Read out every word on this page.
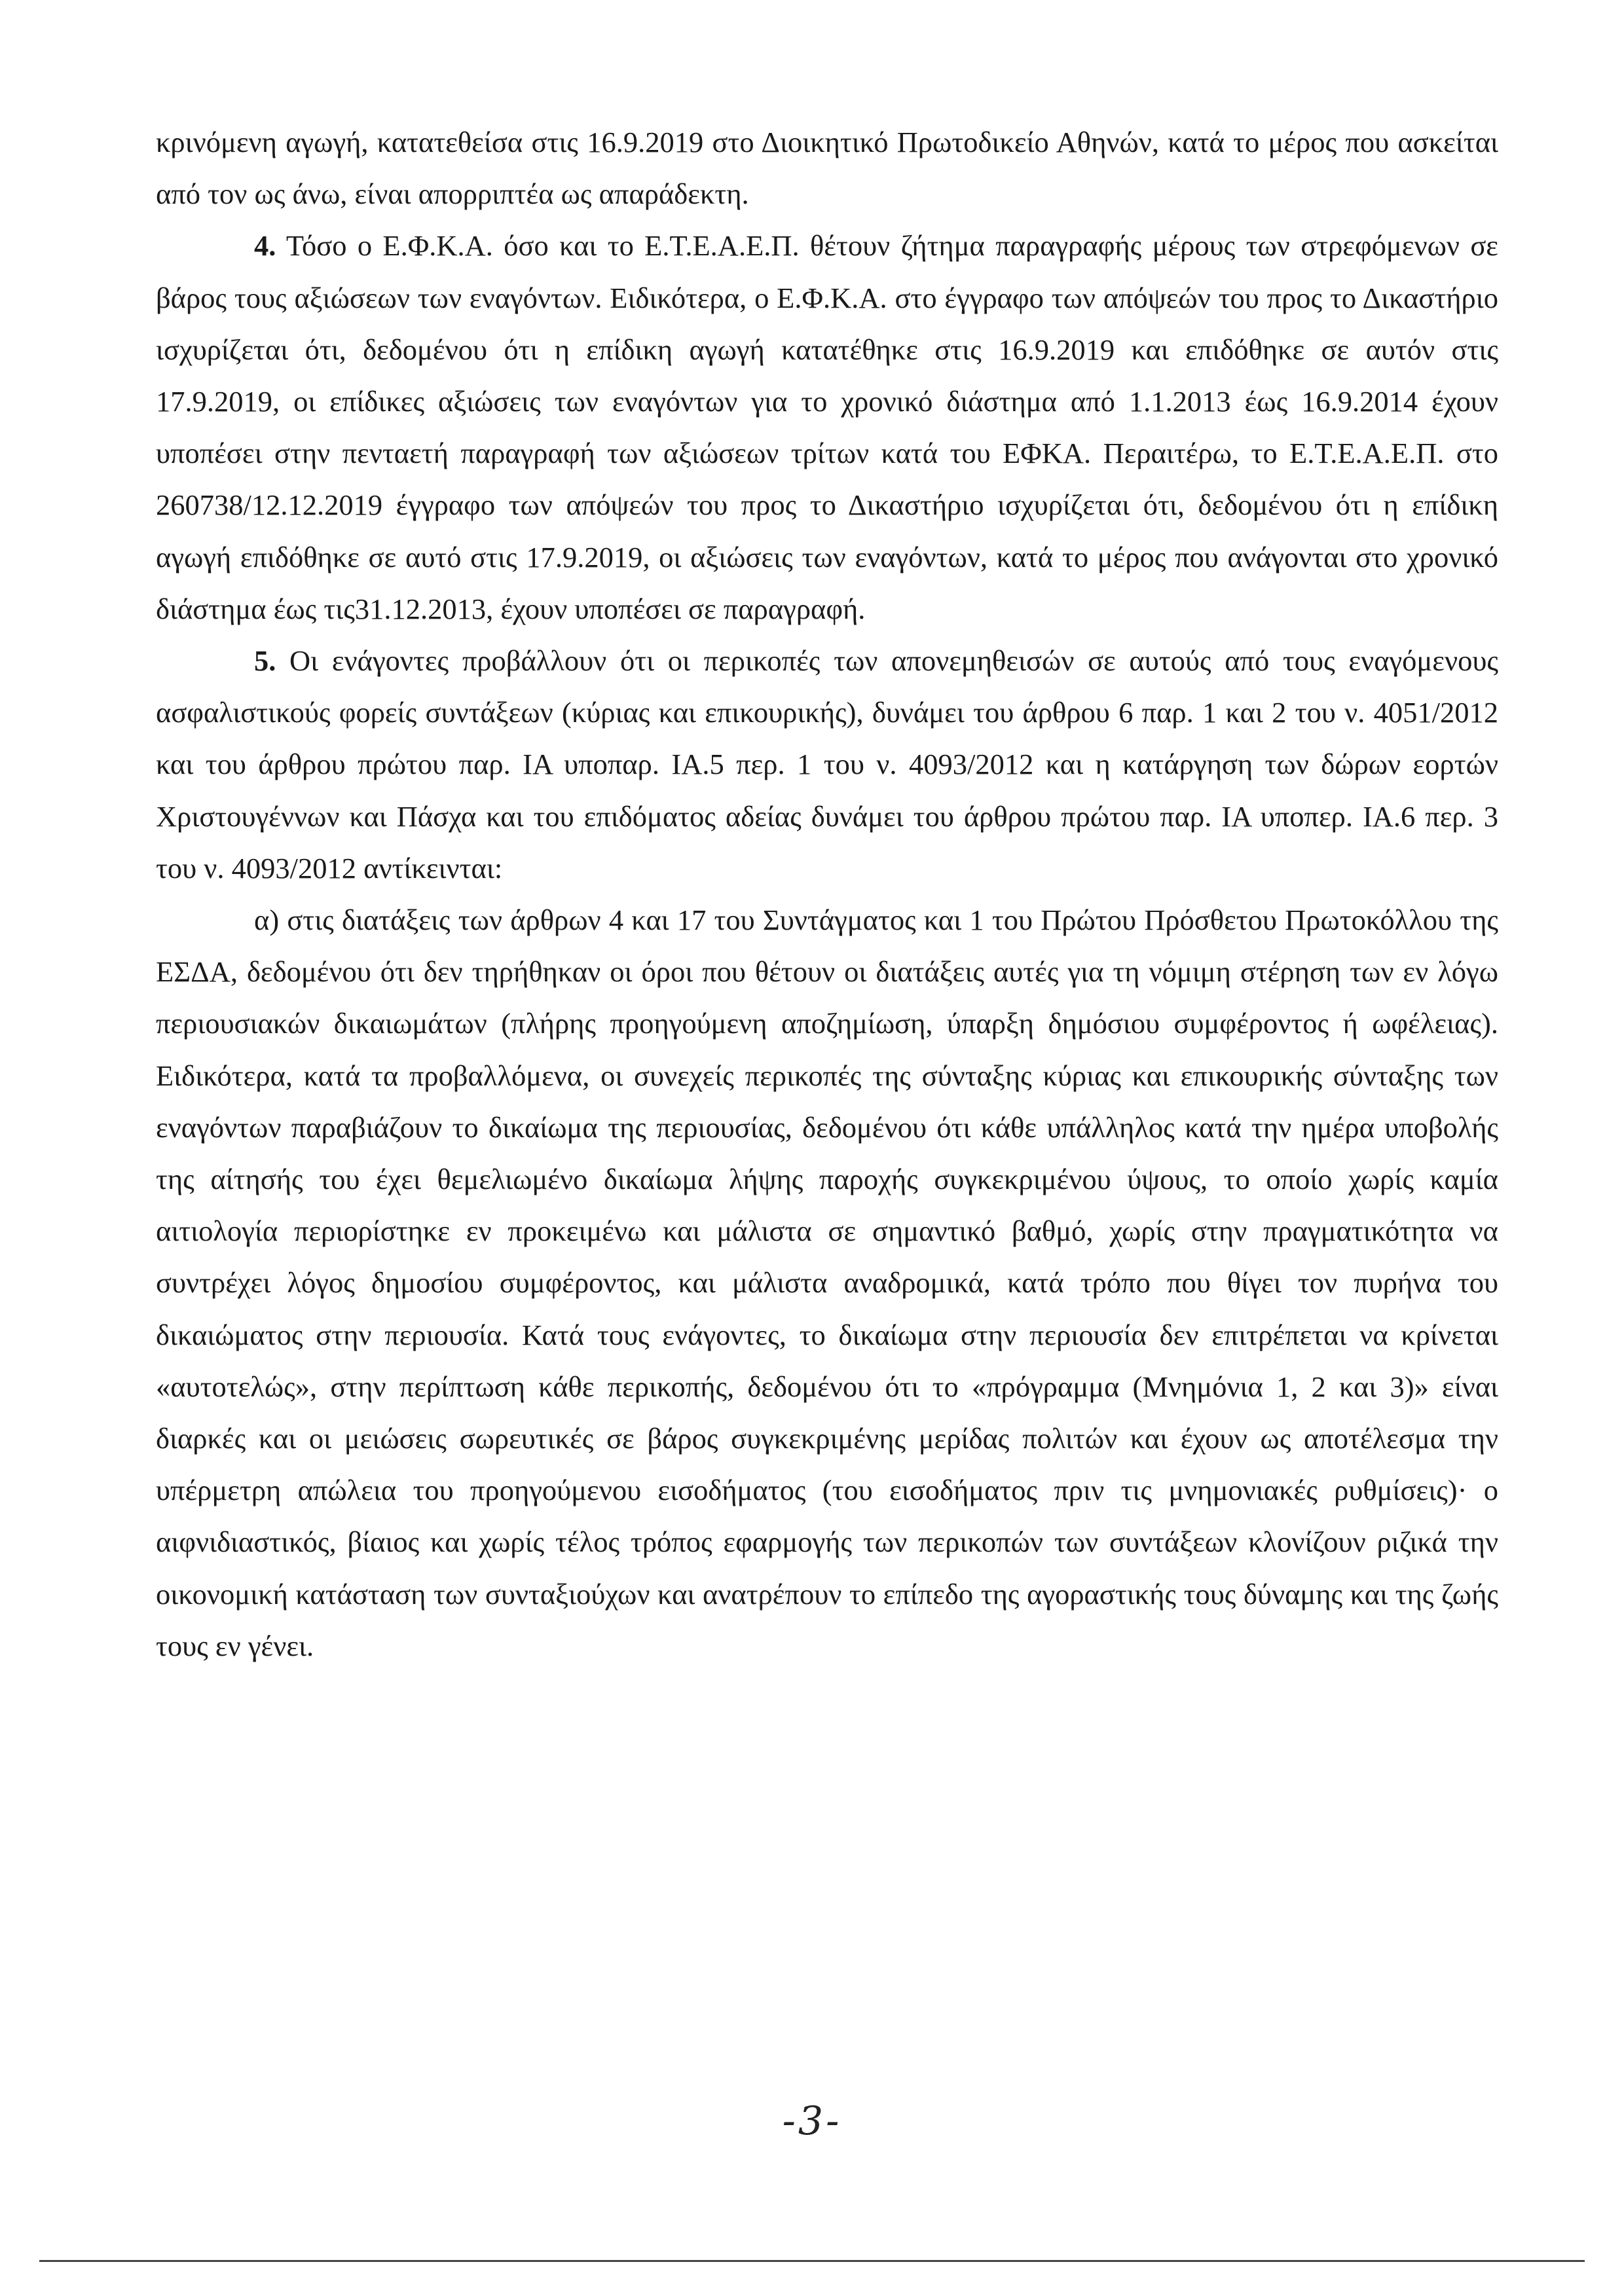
κρινόμενη αγωγή, κατατεθείσα στις 16.9.2019 στο Διοικητικό Πρωτοδικείο Αθηνών, κατά το μέρος που ασκείται από τον ως άνω, είναι απορριπτέα ως απαράδεκτη.

4. Τόσο ο Ε.Φ.Κ.Α. όσο και το Ε.Τ.Ε.Α.Ε.Π. θέτουν ζήτημα παραγραφής μέρους των στρεφόμενων σε βάρος τους αξιώσεων των εναγόντων. Ειδικότερα, ο Ε.Φ.Κ.Α. στο έγγραφο των απόψεών του προς το Δικαστήριο ισχυρίζεται ότι, δεδομένου ότι η επίδικη αγωγή κατατέθηκε στις 16.9.2019 και επιδόθηκε σε αυτόν στις 17.9.2019, οι επίδικες αξιώσεις των εναγόντων για το χρονικό διάστημα από 1.1.2013 έως 16.9.2014 έχουν υποπέσει στην πενταετή παραγραφή των αξιώσεων τρίτων κατά του ΕΦΚΑ. Περαιτέρω, το Ε.Τ.Ε.Α.Ε.Π. στο 260738/12.12.2019 έγγραφο των απόψεών του προς το Δικαστήριο ισχυρίζεται ότι, δεδομένου ότι η επίδικη αγωγή επιδόθηκε σε αυτό στις 17.9.2019, οι αξιώσεις των εναγόντων, κατά το μέρος που ανάγονται στο χρονικό διάστημα έως τις31.12.2013, έχουν υποπέσει σε παραγραφή.

5. Οι ενάγοντες προβάλλουν ότι οι περικοπές των απονεμηθεισών σε αυτούς από τους εναγόμενους ασφαλιστικούς φορείς συντάξεων (κύριας και επικουρικής), δυνάμει του άρθρου 6 παρ. 1 και 2 του ν. 4051/2012 και του άρθρου πρώτου παρ. ΙΑ υποπαρ. ΙΑ.5 περ. 1 του ν. 4093/2012 και η κατάργηση των δώρων εορτών Χριστουγέννων και Πάσχα και του επιδόματος αδείας δυνάμει του άρθρου πρώτου παρ. ΙΑ υποπερ. ΙΑ.6 περ. 3 του ν. 4093/2012 αντίκεινται:

α) στις διατάξεις των άρθρων 4 και 17 του Συντάγματος και 1 του Πρώτου Πρόσθετου Πρωτοκόλλου της ΕΣΔΑ, δεδομένου ότι δεν τηρήθηκαν οι όροι που θέτουν οι διατάξεις αυτές για τη νόμιμη στέρηση των εν λόγω περιουσιακών δικαιωμάτων (πλήρης προηγούμενη αποζημίωση, ύπαρξη δημόσιου συμφέροντος ή ωφέλειας). Ειδικότερα, κατά τα προβαλλόμενα, οι συνεχείς περικοπές της σύνταξης κύριας και επικουρικής σύνταξης των εναγόντων παραβιάζουν το δικαίωμα της περιουσίας, δεδομένου ότι κάθε υπάλληλος κατά την ημέρα υποβολής της αίτησής του έχει θεμελιωμένο δικαίωμα λήψης παροχής συγκεκριμένου ύψους, το οποίο χωρίς καμία αιτιολογία περιορίστηκε εν προκειμένω και μάλιστα σε σημαντικό βαθμό, χωρίς στην πραγματικότητα να συντρέχει λόγος δημοσίου συμφέροντος, και μάλιστα αναδρομικά, κατά τρόπο που θίγει τον πυρήνα του δικαιώματος στην περιουσία. Κατά τους ενάγοντες, το δικαίωμα στην περιουσία δεν επιτρέπεται να κρίνεται «αυτοτελώς», στην περίπτωση κάθε περικοπής, δεδομένου ότι το «πρόγραμμα (Μνημόνια 1, 2 και 3)» είναι διαρκές και οι μειώσεις σωρευτικές σε βάρος συγκεκριμένης μερίδας πολιτών και έχουν ως αποτέλεσμα την υπέρμετρη απώλεια του προηγούμενου εισοδήματος (του εισοδήματος πριν τις μνημονιακές ρυθμίσεις)· ο αιφνιδιαστικός, βίαιος και χωρίς τέλος τρόπος εφαρμογής των περικοπών των συντάξεων κλονίζουν ριζικά την οικονομική κατάσταση των συνταξιούχων και ανατρέπουν το επίπεδο της αγοραστικής τους δύναμης και της ζωής τους εν γένει.

-3-
